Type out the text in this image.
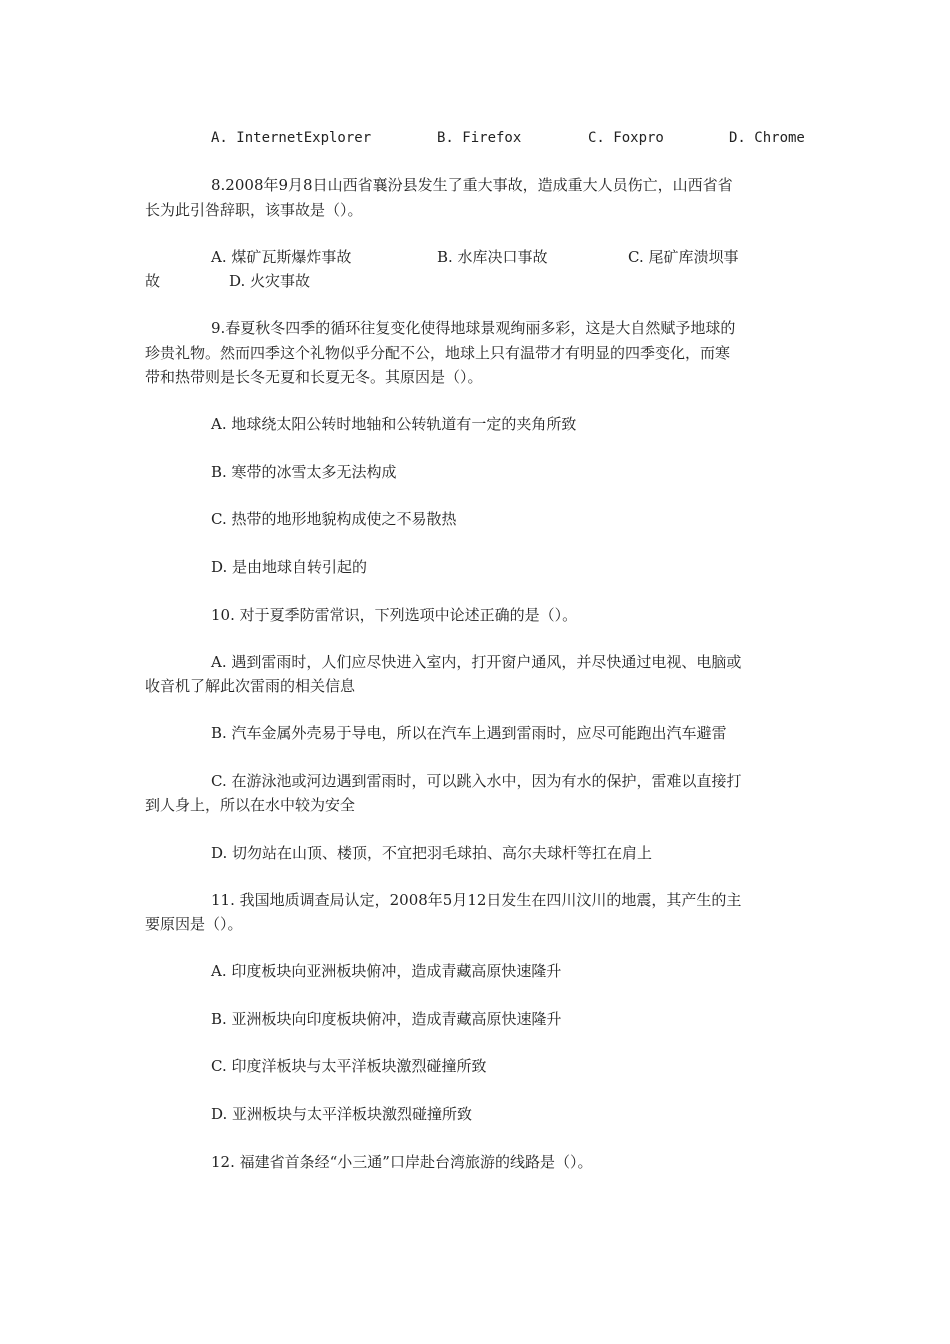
A. InternetExplorer	B. Firefox	C. Foxpro	D. Chrome
8.2008年9月8日山西省襄汾县发生了重大事故，造成重大人员伤亡，山西省省
长为此引咎辞职，该事故是（）。
A. 煤矿瓦斯爆炸事故	B. 水库决口事故	C. 尾矿库溃坝事
故	D. 火灾事故
9.春夏秋冬四季的循环往复变化使得地球景观绚丽多彩，这是大自然赋予地球的
珍贵礼物。然而四季这个礼物似乎分配不公，地球上只有温带才有明显的四季变化，而寒
带和热带则是长冬无夏和长夏无冬。其原因是（）。
A. 地球绕太阳公转时地轴和公转轨道有一定的夹角所致
B. 寒带的冰雪太多无法构成
C. 热带的地形地貌构成使之不易散热
D. 是由地球自转引起的
10. 对于夏季防雷常识，下列选项中论述正确的是（）。
A. 遇到雷雨时，人们应尽快进入室内，打开窗户通风，并尽快通过电视、电脑或
收音机了解此次雷雨的相关信息
B. 汽车金属外壳易于导电，所以在汽车上遇到雷雨时，应尽可能跑出汽车避雷
C. 在游泳池或河边遇到雷雨时，可以跳入水中，因为有水的保护，雷难以直接打
到人身上，所以在水中较为安全
D. 切勿站在山顶、楼顶，不宜把羽毛球拍、高尔夫球杆等扛在肩上
11. 我国地质调查局认定，2008年5月12日发生在四川汶川的地震，其产生的主
要原因是（）。
A. 印度板块向亚洲板块俯冲，造成青藏高原快速隆升
B. 亚洲板块向印度板块俯冲，造成青藏高原快速隆升
C. 印度洋板块与太平洋板块激烈碰撞所致
D. 亚洲板块与太平洋板块激烈碰撞所致
12. 福建省首条经“小三通”口岸赴台湾旅游的线路是（）。
